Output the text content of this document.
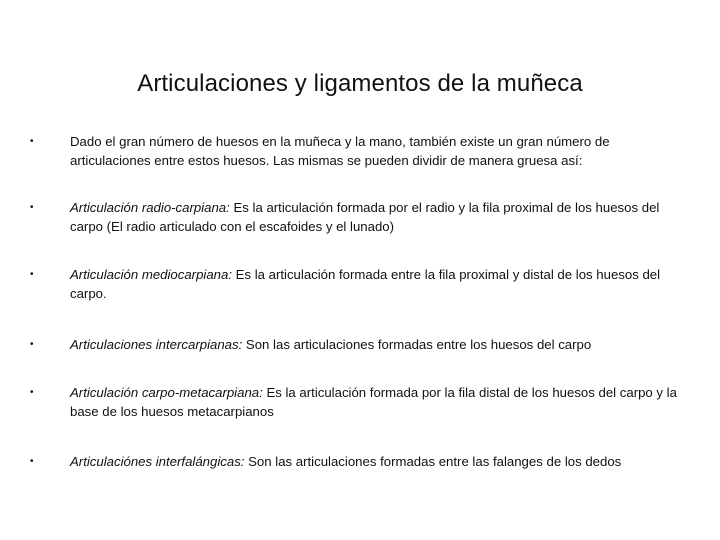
Articulaciones y ligamentos de la muñeca
•	Dado el gran número de huesos en la muñeca y la mano, también existe un gran número de articulaciones entre estos huesos. Las mismas se pueden dividir de manera gruesa así:
•	Articulación radio-carpiana: Es la articulación formada por el radio y la fila proximal de los huesos del carpo (El radio articulado con el escafoides y el lunado)
•	Articulación mediocarpiana: Es la articulación formada entre la fila proximal y distal de los huesos del carpo.
•	Articulaciones intercarpianas: Son las articulaciones formadas entre los huesos del carpo
•	Articulación carpo-metacarpiana: Es la articulación formada por la fila distal de los huesos del carpo y la base de los huesos metacarpianos
•	Articulaciónes interfalángicas: Son las articulaciones formadas entre las falanges de los dedos
